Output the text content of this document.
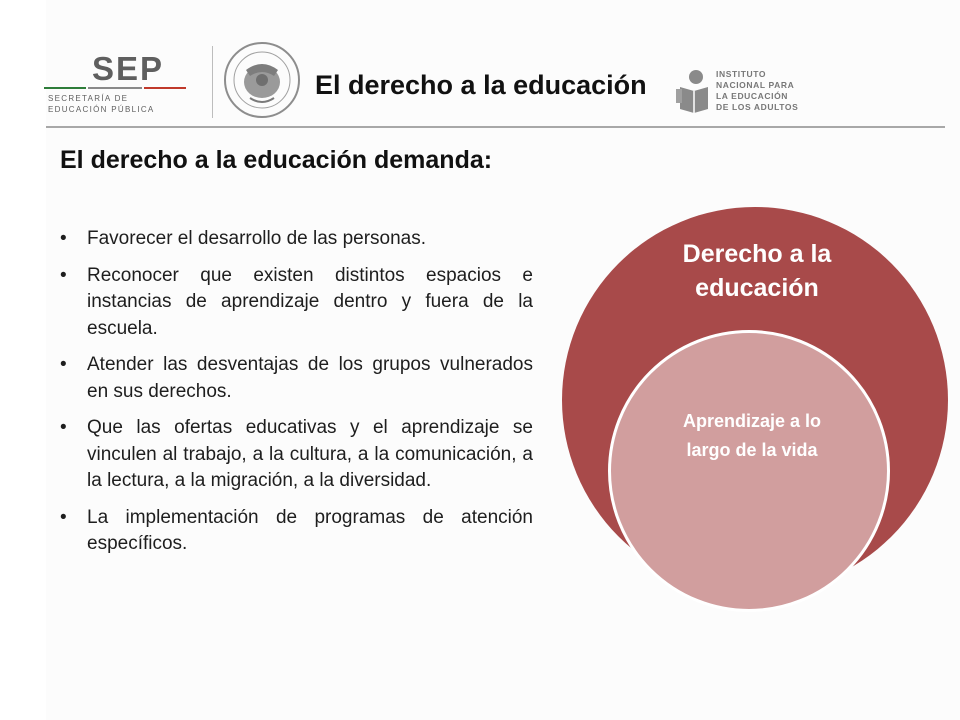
SEP
SECRETARÍA DE
EDUCACIÓN PÚBLICA
El derecho a la educación	INSTITUTO
NACIONAL PARA
LA EDUCACIÓN
DE LOS ADULTOS
El derecho a la educación demanda:
• Favorecer el desarrollo de las personas.
• Reconocer que existen distintos espacios e instancias de aprendizaje dentro y fuera de la escuela.
• Atender las desventajas de los grupos vulnerados en sus derechos.
• Que las ofertas educativas y el aprendizaje se vinculen al trabajo, a la cultura, a la comunicación, a la lectura, a la migración, a la diversidad.
• La implementación de programas de atención específicos.
Derecho a la educación
Aprendizaje a lo largo de la vida
